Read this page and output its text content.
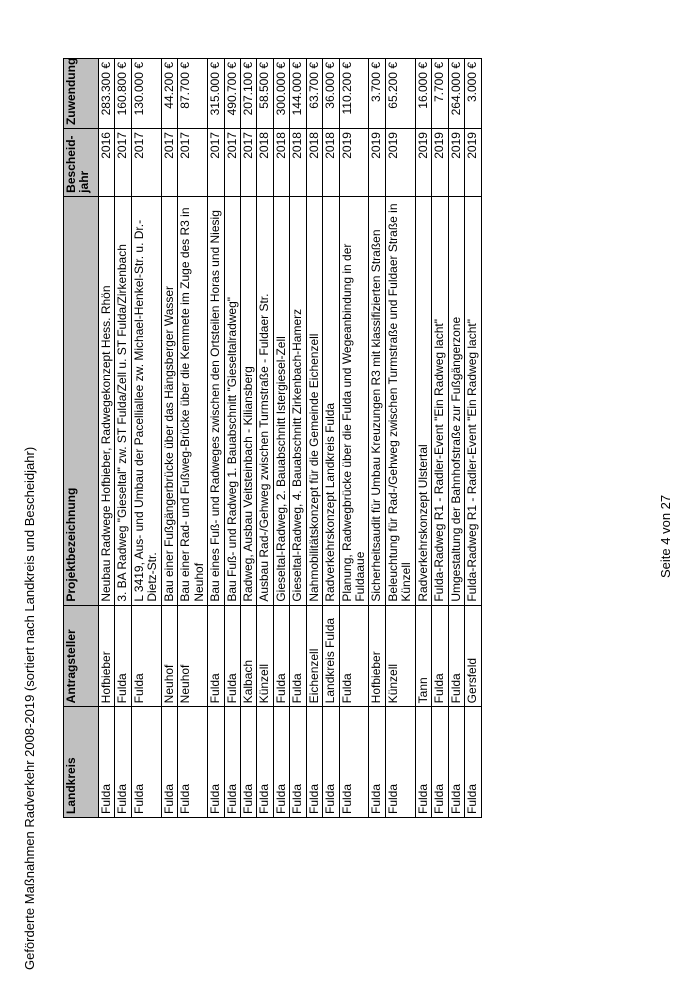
Geförderte Maßnahmen Radverkehr 2008-2019 (sortiert nach Landkreis und Bescheidjahr) Landkreis	Antragsteller	Projektbezeichnung	Bescheid-jahr	Zuwendung
Fulda	Hofbieber	Neubau Radwege Hofbieber, Radwegekonzept Hess. Rhön	2016	283.300 €
Fulda	Fulda	3. BA Radweg "Gieseltal" zw. ST Fulda/Zell u. ST Fulda/Zirkenbach	2017	160.800 €
Fulda	Fulda	L 3419, Aus- und Umbau der Pacelliallee zw. Michael-Henkel-Str. u. Dr.-Dietz-Str.	2017	130.000 €
Fulda	Neuhof	Bau einer Fußgängerbrücke über das Hängsberger Wasser	2017	44.200 €
Fulda	Neuhof	Bau einer Rad- und Fußweg-Brücke über die Kemmete im Zuge des R3 in Neuhof	2017	87.700 €
Fulda	Fulda	Bau eines Fuß- und Radweges zwischen den Ortsteilen Horas und Niesig	2017	315.000 €
Fulda	Fulda	Bau Fuß- und Radweg 1. Bauabschnitt "Gieseltalradweg"	2017	490.700 €
Fulda	Kalbach	Radweg, Ausbau Veitsteinbach - Kiliansberg	2017	207.100 €
Fulda	Künzell	Ausbau Rad-/Gehweg zwischen Turmstraße - Fuldaer Str.	2018	58.500 €
Fulda	Fulda	Gieseltal-Radweg, 2. Bauabschnitt Istergiesel-Zell	2018	300.000 €
Fulda	Fulda	Gieseltal-Radweg, 4. Bauabschnitt Zirkenbach-Hamerz	2018	144.000 €
Fulda	Eichenzell	Nahmobilitätskonzept für die Gemeinde Eichenzell	2018	63.700 €
Fulda	Landkreis Fulda	Radverkehrskonzept Landkreis Fulda	2018	36.000 €
Fulda	Fulda	Planung, Radwegbrücke über die Fulda und Wegeanbindung in der Fuldaaue	2019	110.200 €
Fulda	Hofbieber	Sicherheitsaudit für Umbau Kreuzungen R3 mit klassifizierten Straßen	2019	3.700 €
Fulda	Künzell	Beleuchtung für Rad-/Gehweg zwischen Turmstraße und Fuldaer Straße in Künzell	2019	65.200 €
Fulda	Tann	Radverkehrskonzept Ulstertal	2019	16.000 €
Fulda	Fulda	Fulda-Radweg R1 - Radler-Event "Ein Radweg lacht"	2019	7.700 €
Fulda	Fulda	Umgestaltung der Bahnhofstraße zur Fußgängerzone	2019	264.000 €
Fulda	Gersfeld	Fulda-Radweg R1 - Radler-Event "Ein Radweg lacht"	2019	3.000 €
Seite 4 von 27
